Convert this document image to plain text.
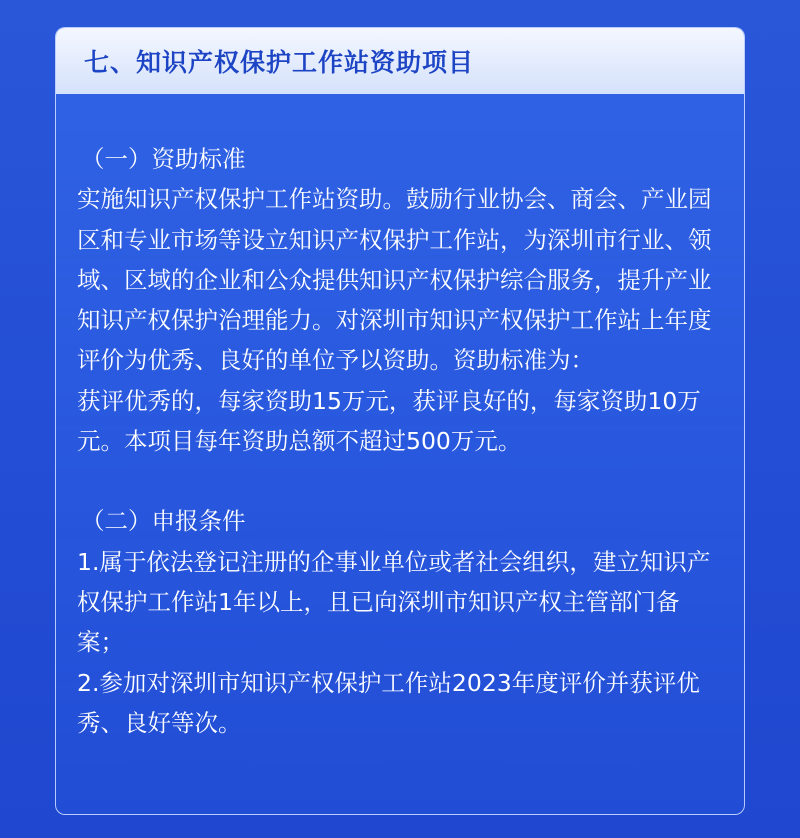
七、知识产权保护工作站资助项目
（一）资助标准

实施知识产权保护工作站资助。鼓励行业协会、商会、产业园区和专业市场等设立知识产权保护工作站，为深圳市行业、领域、区域的企业和公众提供知识产权保护综合服务，提升产业知识产权保护治理能力。对深圳市知识产权保护工作站上年度评价为优秀、良好的单位予以资助。资助标准为：

获评优秀的，每家资助15万元，获评良好的，每家资助10万元。本项目每年资助总额不超过500万元。

（二）申报条件

1.属于依法登记注册的企事业单位或者社会组织，建立知识产权保护工作站1年以上，且已向深圳市知识产权主管部门备案；

2.参加对深圳市知识产权保护工作站2023年度评价并获评优秀、良好等次。
